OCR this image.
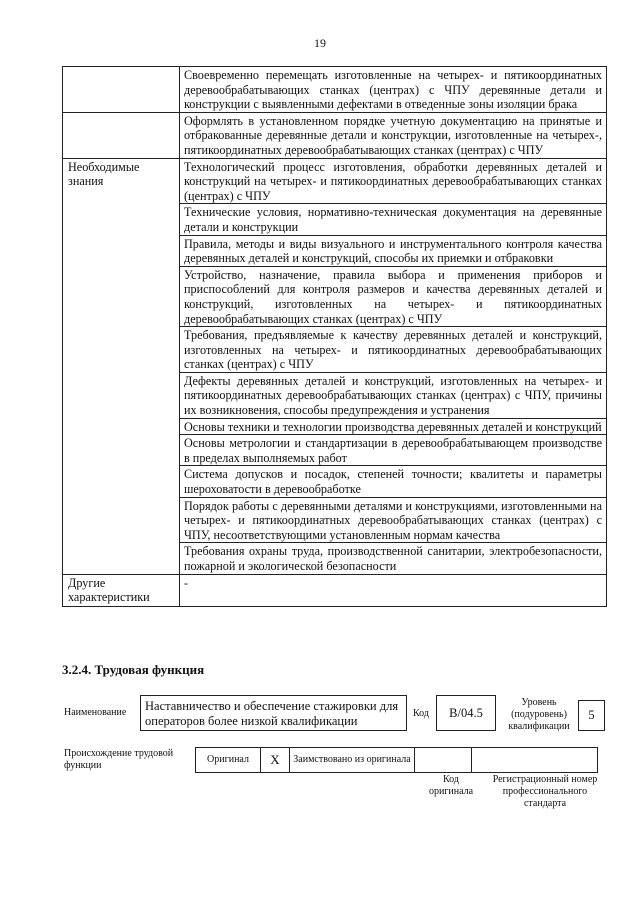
19
	Своевременно перемещать изготовленные на четырех- и пятикоординатных деревообрабатывающих станках (центрах) с ЧПУ деревянные детали и конструкции с выявленными дефектами в отведенные зоны изоляции брака
	Оформлять в установленном порядке учетную документацию на принятые и отбракованные деревянные детали и конструкции, изготовленные на четырех-, пятикоординатных деревообрабатывающих станках (центрах) с ЧПУ
Необходимые знания	Технологический процесс изготовления, обработки деревянных деталей и конструкций на четырех- и пятикоординатных деревообрабатывающих станках (центрах) с ЧПУ
	Технические условия, нормативно-техническая документация на деревянные детали и конструкции
	Правила, методы и виды визуального и инструментального контроля качества деревянных деталей и конструкций, способы их приемки и отбраковки
	Устройство, назначение, правила выбора и применения приборов и приспособлений для контроля размеров и качества деревянных деталей и конструкций, изготовленных на четырех- и пятикоординатных деревообрабатывающих станках (центрах) с ЧПУ
	Требования, предъявляемые к качеству деревянных деталей и конструкций, изготовленных на четырех- и пятикоординатных деревообрабатывающих станках (центрах) с ЧПУ
	Дефекты деревянных деталей и конструкций, изготовленных на четырех- и пятикоординатных деревообрабатывающих станках (центрах) с ЧПУ, причины их возникновения, способы предупреждения и устранения
	Основы техники и технологии производства деревянных деталей и конструкций
	Основы метрологии и стандартизации в деревообрабатывающем производстве в пределах выполняемых работ
	Система допусков и посадок, степеней точности; квалитеты и параметры шероховатости в деревообработке
	Порядок работы с деревянными деталями и конструкциями, изготовленными на четырех- и пятикоординатных деревообрабатывающих станках (центрах) с ЧПУ, несоответствующими установленным нормам качества
	Требования охраны труда, производственной санитарии, электробезопасности, пожарной и экологической безопасности
Другие характеристики	-
3.2.4. Трудовая функция
Наименование	Наставничество и обеспечение стажировки для операторов более низкой квалификации
Код	B/04.5
Уровень (подуровень) квалификации
5
Происхождение трудовой функции
Оригинал	X	Заимствовано из оригинала		
Код оригинала
Регистрационный номер профессионального стандарта
